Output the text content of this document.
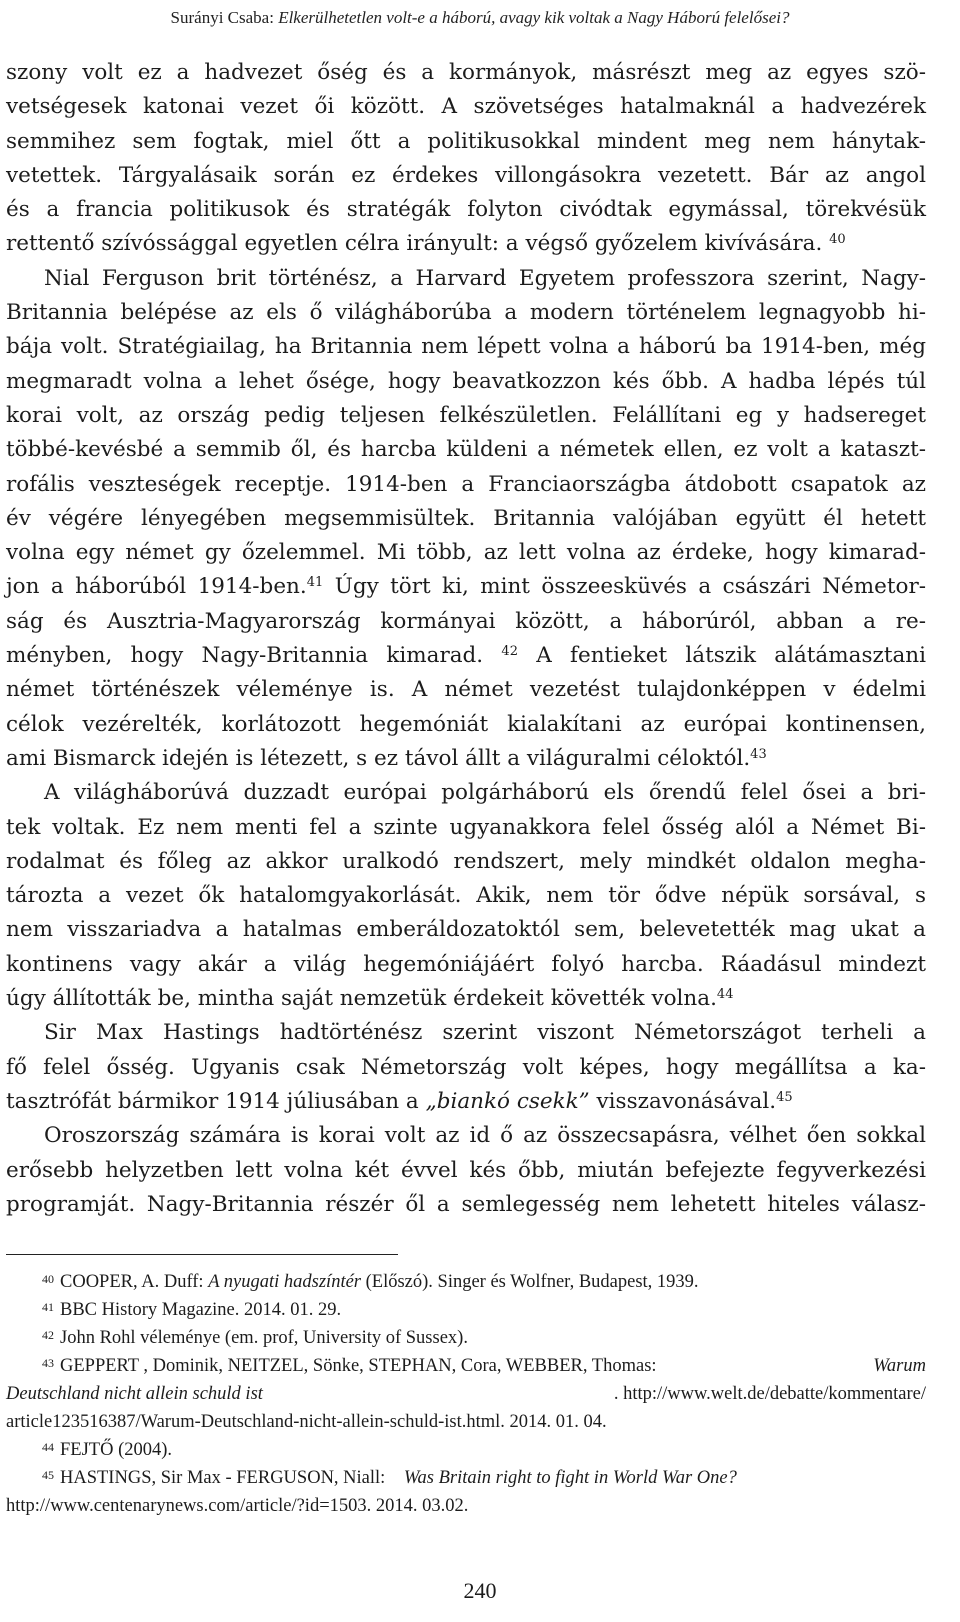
Surányi Csaba: Elkerülhetetlen volt-e a háború, avagy kik voltak a Nagy Háború felelősei?
szony volt ez a hadvezet őség és a kormányok, másrészt meg az egyes szö-
vetségesek katonai vezet ői között. A szövetséges hatalmaknál a hadvezérek
semmihez sem fogtak, miel őtt a politikusokkal mindent meg nem hánytak-
vetettek. Tárgyalásaik során ez érdekes villongásokra vezetett. Bár az angol
és a francia politikusok és stratégák folyton civódtak egymással, törekvésük
rettentő szívóssággal egyetlen célra irányult: a végső győzelem kivívására. $^{40}$
Nial Ferguson brit történész, a Harvard Egyetem professzora szerint, Nagy-
Britannia belépése az els ő világháborúba a modern történelem legnagyobb hi-
bája volt. Stratégiailag, ha Britannia nem lépett volna a háború ba 1914-ben, még
megmaradt volna a lehet ősége, hogy beavatkozzon kés őbb. A hadba lépés túl
korai volt, az ország pedig teljesen felkészületlen. Felállítani eg y hadsereget
többé-kevésbé a semmib ől, és harcba küldeni a németek ellen, ez volt a kataszt-
rofális veszteségek receptje. 1914-ben a Franciaországba átdobott csapatok az
év végére lényegében megsemmisültek. Britannia valójában együtt él hetett
volna egy német gy őzelemmel. Mi több, az lett volna az érdeke, hogy kimarad-
jon a háborúból 1914-ben.$^{41}$ Úgy tört ki, mint összeesküvés a császári Németor-
ság és Ausztria-Magyarország kormányai között, a háborúról, abban a re-
ményben, hogy Nagy-Britannia kimarad. $^{42}$ A fentieket látszik alátámasztani
német történészek véleménye is. A német vezetést tulajdonképpen v édelmi
célok vezérelték, korlátozott hegemóniát kialakítani az európai kontinensen,
ami Bismarck idején is létezett, s ez távol állt a világuralmi céloktól.$^{43}$
A világháborúvá duzzadt európai polgárháború els őrendű felel ősei a bri-
tek voltak. Ez nem menti fel a szinte ugyanakkora felel ősség alól a Német Bi-
rodalmat és főleg az akkor uralkodó rendszert, mely mindkét oldalon megha-
tározta a vezet ők hatalomgyakorlását. Akik, nem tör ődve népük sorsával, s
nem visszariadva a hatalmas emberáldozatoktól sem, belevetették mag ukat a
kontinens vagy akár a világ hegemóniájáért folyó harcba. Ráadásul mindezt
úgy állították be, mintha saját nemzetük érdekeit követték volna.$^{44}$
Sir Max Hastings hadtörténész szerint viszont Németországot terheli a
fő felel ősség. Ugyanis csak Németország volt képes, hogy megállítsa a ka-
tasztrófát bármikor 1914 júliusában a „biankó csekk” visszavonásával.$^{45}$
Oroszország számára is korai volt az id ő az összecsapásra, vélhet ően sokkal
erősebb helyzetben lett volna két évvel kés őbb, miután befejezte fegyverkezési
programját. Nagy-Britannia részér ől a semlegesség nem lehetett hiteles válasz-
$^{40}$ COOPER, A. Duff: A nyugati hadszíntér (Előszó). Singer és Wolfner, Budapest, 1939.
$^{41}$ BBC History Magazine. 2014. 01. 29.
$^{42}$ John Rohl véleménye (em. prof, University of Sussex).
$^{43}$ GEPPERT , Dominik, NEITZEL, Sönke, STEPHAN, Cora, WEBBER, Thomas:	Warum
Deutschland nicht allein schuld ist	. http://www.welt.de/debatte/kommentare/
article123516387/Warum-Deutschland-nicht-allein-schuld-ist.html. 2014. 01. 04.
$^{44}$ FEJTŐ (2004).
$^{45}$ HASTINGS, Sir Max - FERGUSON, Niall: Was Britain right to fight in World War One?
http://www.centenarynews.com/article/?id=1503. 2014. 03.02.
240
